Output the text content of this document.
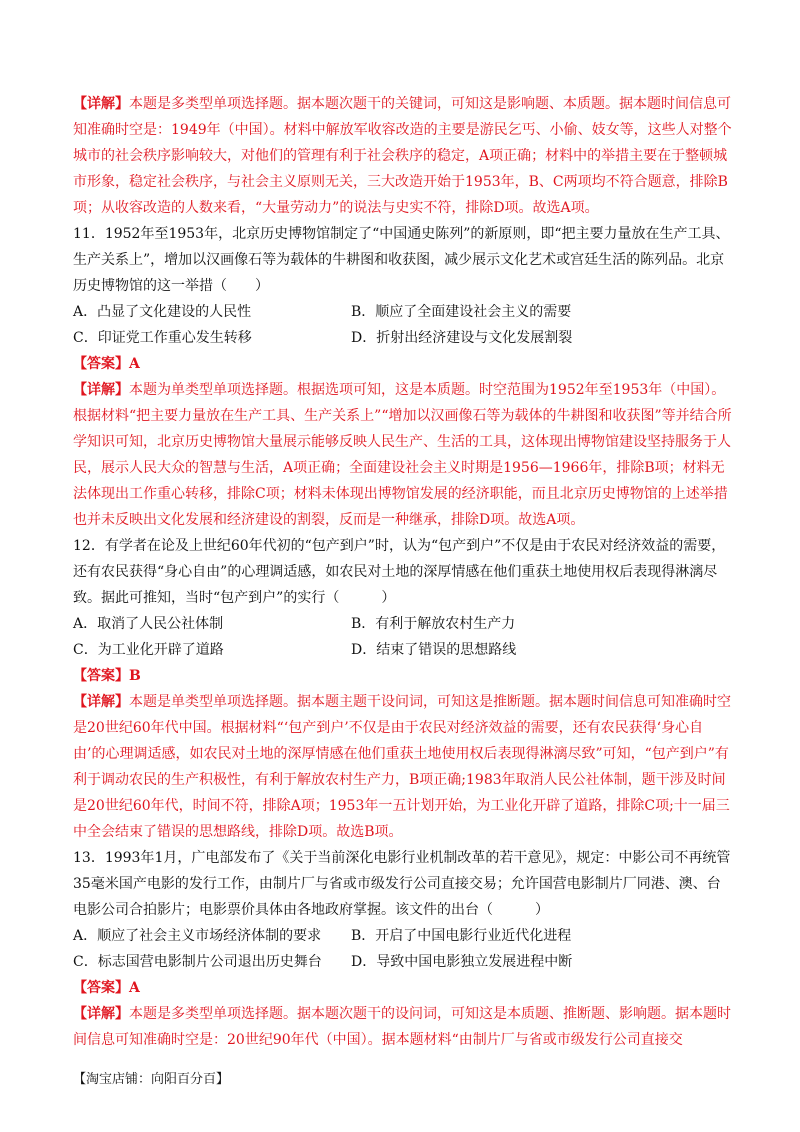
【详解】本题是多类型单项选择题。据本题次题干的关键词，可知这是影响题、本质题。据本题时间信息可知准确时空是：1949年（中国）。材料中解放军收容改造的主要是游民乞丐、小偷、妓女等，这些人对整个城市的社会秩序影响较大，对他们的管理有利于社会秩序的稳定，A项正确；材料中的举措主要在于整顿城市形象，稳定社会秩序，与社会主义原则无关，三大改造开始于1953年，B、C两项均不符合题意，排除B项；从收容改造的人数来看，“大量劳动力”的说法与史实不符，排除D项。故选A项。

11．1952年至1953年，北京历史博物馆制定了“中国通史陈列”的新原则，即“把主要力量放在生产工具、生产关系上”，增加以汉画像石等为载体的牛耕图和收获图，减少展示文化艺术或宫廷生活的陈列品。北京历史博物馆的这一举措（　　）

A．凸显了文化建设的人民性	B．顺应了全面建设社会主义的需要
C．印证党工作重心发生转移	D．折射出经济建设与文化发展割裂
【答案】A

【详解】本题为单类型单项选择题。根据选项可知，这是本质题。时空范围为1952年至1953年（中国）。根据材料“把主要力量放在生产工具、生产关系上”“增加以汉画像石等为载体的牛耕图和收获图”等并结合所学知识可知，北京历史博物馆大量展示能够反映人民生产、生活的工具，这体现出博物馆建设坚持服务于人民，展示人民大众的智慧与生活，A项正确；全面建设社会主义时期是1956—1966年，排除B项；材料无法体现出工作重心转移，排除C项；材料未体现出博物馆发展的经济职能，而且北京历史博物馆的上述举措也并未反映出文化发展和经济建设的割裂，反而是一种继承，排除D项。故选A项。

12．有学者在论及上世纪60年代初的“包产到户”时，认为“包产到户”不仅是由于农民对经济效益的需要，还有农民获得“身心自由”的心理调适感，如农民对土地的深厚情感在他们重获土地使用权后表现得淋漓尽致。据此可推知，当时“包产到户”的实行（　　　）

A．取消了人民公社体制	B．有利于解放农村生产力
C．为工业化开辟了道路	D．结束了错误的思想路线
【答案】B

【详解】本题是单类型单项选择题。据本题主题干设问词，可知这是推断题。据本题时间信息可知准确时空是20世纪60年代中国。根据材料“‘包产到户’不仅是由于农民对经济效益的需要，还有农民获得‘身心自由’的心理调适感，如农民对土地的深厚情感在他们重获土地使用权后表现得淋漓尽致”可知，“包产到户”有利于调动农民的生产积极性，有利于解放农村生产力，B项正确;1983年取消人民公社体制，题干涉及时间是20世纪60年代，时间不符，排除A项；1953年一五计划开始，为工业化开辟了道路，排除C项;十一届三中全会结束了错误的思想路线，排除D项。故选B项。

13．1993年1月，广电部发布了《关于当前深化电影行业机制改革的若干意见》，规定：中影公司不再统管35毫米国产电影的发行工作，由制片厂与省或市级发行公司直接交易；允许国营电影制片厂同港、澳、台电影公司合拍影片；电影票价具体由各地政府掌握。该文件的出台（　　　）

A．顺应了社会主义市场经济体制的要求	B．开启了中国电影行业近代化进程
C．标志国营电影制片公司退出历史舞台	D．导致中国电影独立发展进程中断
【答案】A

【详解】本题是多类型单项选择题。据本题次题干的设问词，可知这是本质题、推断题、影响题。据本题时间信息可知准确时空是：20世纪90年代（中国）。据本题材料“由制片厂与省或市级发行公司直接交

【淘宝店铺：向阳百分百】
